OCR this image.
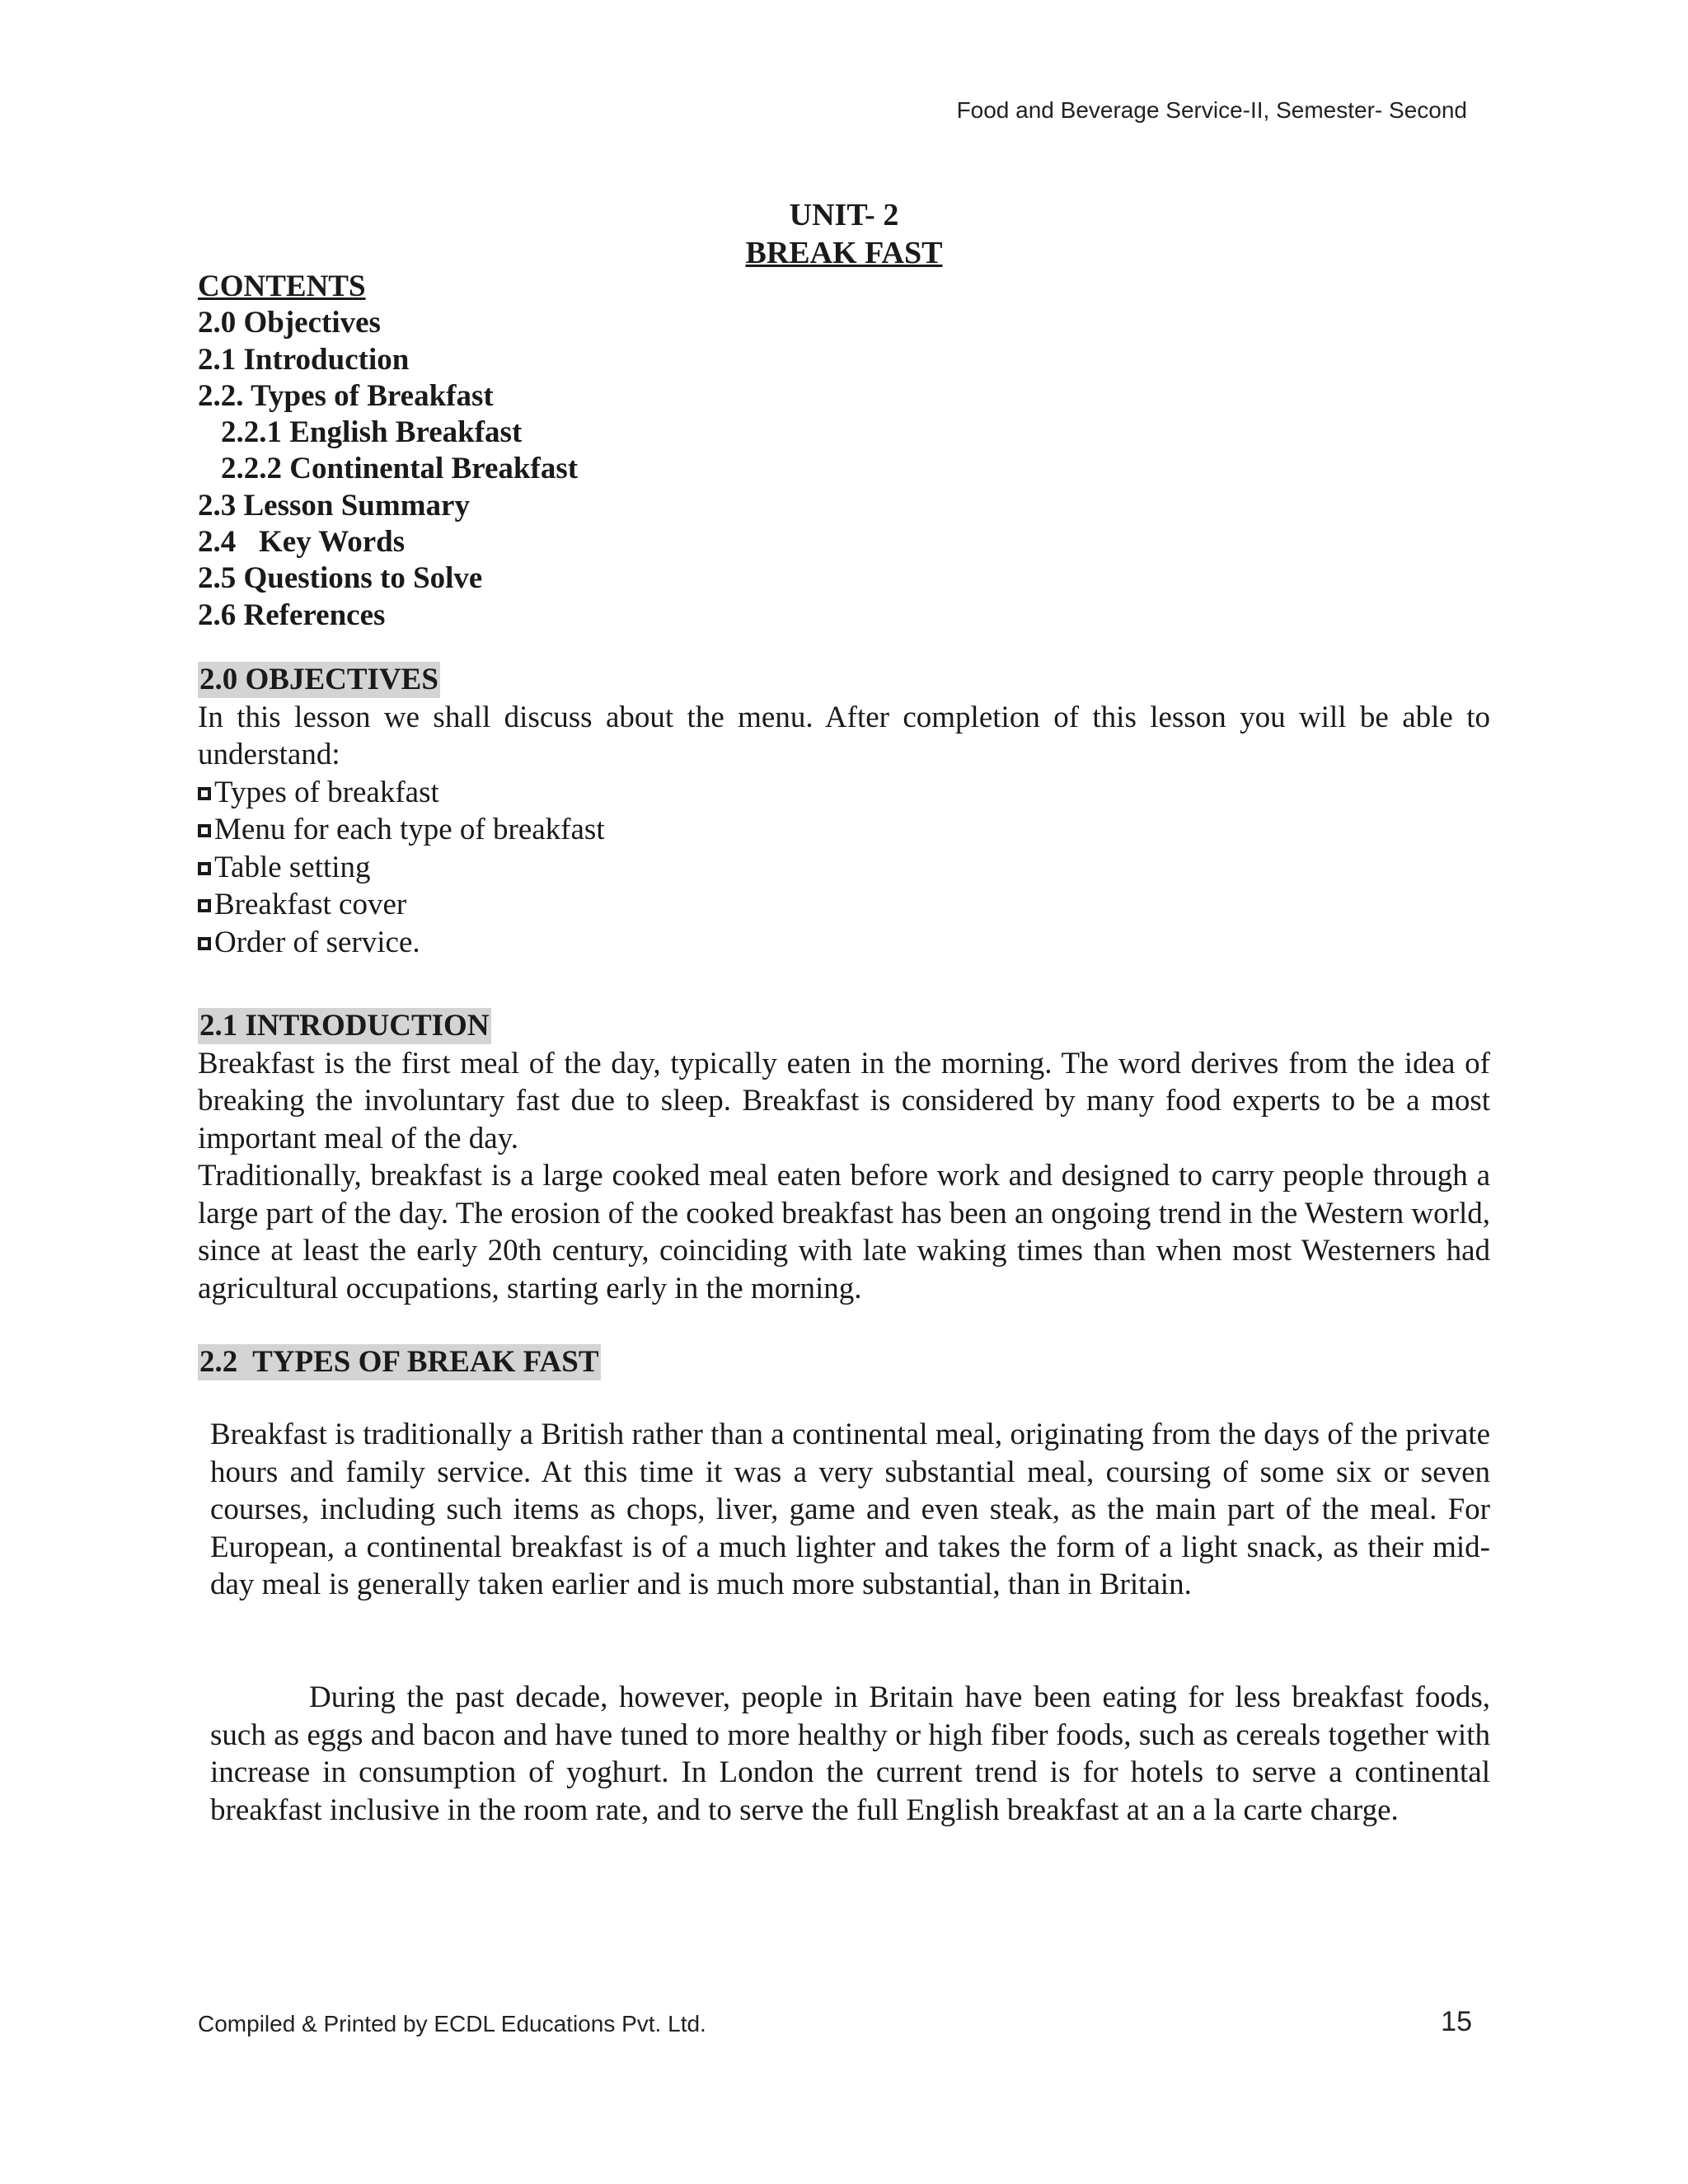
Food and Beverage Service-II, Semester- Second
UNIT- 2
BREAK FAST
CONTENTS
2.0 Objectives
2.1 Introduction
2.2. Types of Breakfast
2.2.1 English Breakfast
2.2.2 Continental Breakfast
2.3 Lesson Summary
2.4   Key Words
2.5 Questions to Solve
2.6 References
2.0 OBJECTIVES

In this lesson we shall discuss about the menu. After completion of this lesson you will be able to understand:

Types of breakfast
Menu for each type of breakfast
Table setting
Breakfast cover
Order of service.
2.1 INTRODUCTION

Breakfast is the first meal of the day, typically eaten in the morning. The word derives from the idea of breaking the involuntary fast due to sleep. Breakfast is considered by many food experts to be a most important meal of the day.

Traditionally, breakfast is a large cooked meal eaten before work and designed to carry people through a large part of the day. The erosion of the cooked breakfast has been an ongoing trend in the Western world, since at least the early 20th century, coinciding with late waking times than when most Westerners had agricultural occupations, starting early in the morning.

2.2  TYPES OF BREAK FAST

Breakfast is traditionally a British rather than a continental meal, originating from the days of the private hours and family service. At this time it was a very substantial meal, coursing of some six or seven courses, including such items as chops, liver, game and even steak, as the main part of the meal. For European, a continental breakfast is of a much lighter and takes the form of a light snack, as their mid-day meal is generally taken earlier and is much more substantial, than in Britain.

During the past decade, however, people in Britain have been eating for less breakfast foods, such as eggs and bacon and have tuned to more healthy or high fiber foods, such as cereals together with increase in consumption of yoghurt. In London the current trend is for hotels to serve a continental breakfast inclusive in the room rate, and to serve the full English breakfast at an a la carte charge.

Compiled & Printed by ECDL Educations Pvt. Ltd.	15
